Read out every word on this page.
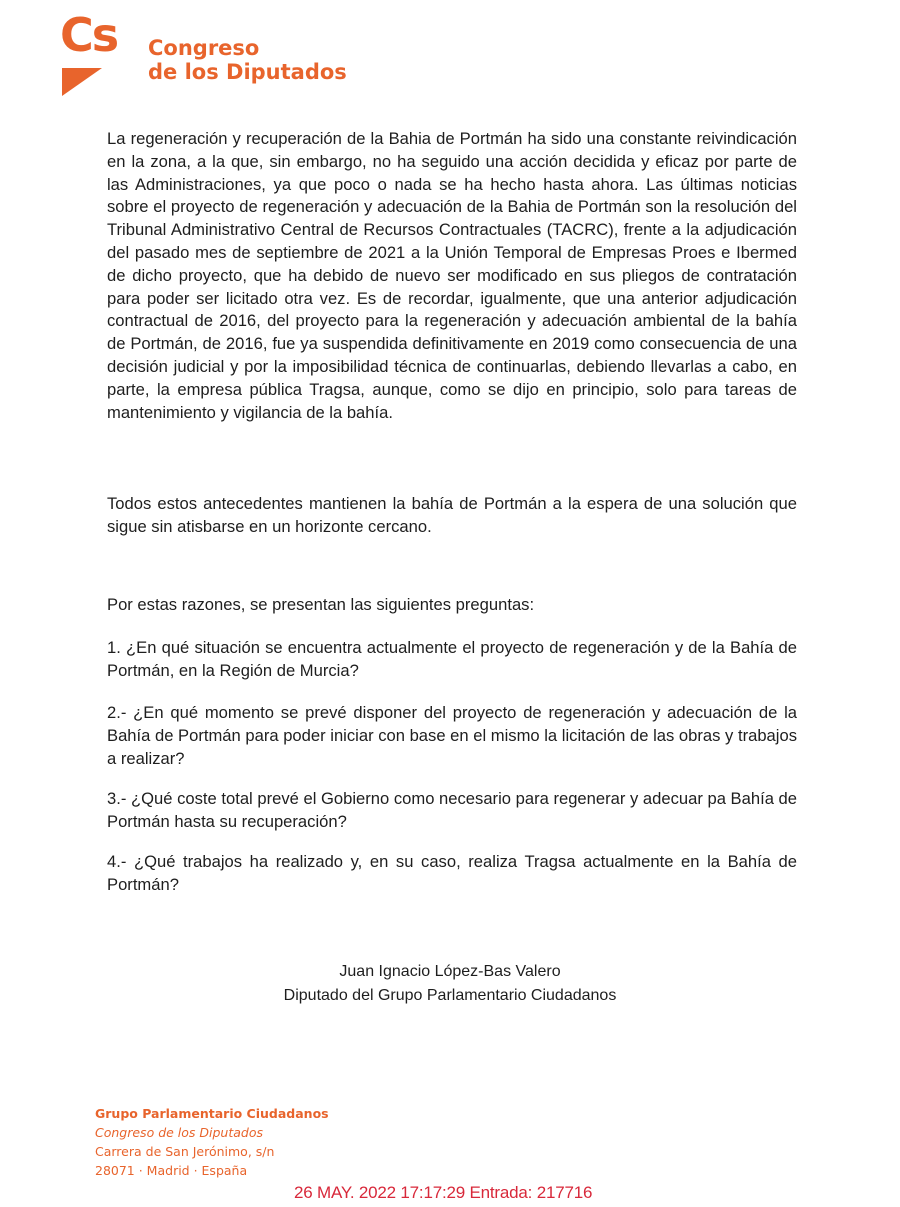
Cs Congreso
de los Diputados

La regeneración y recuperación de la Bahia de Portmán ha sido una constante reivindicación en la zona, a la que, sin embargo, no ha seguido una acción decidida y eficaz por parte de las Administraciones, ya que poco o nada se ha hecho hasta ahora. Las últimas noticias sobre el proyecto de regeneración y adecuación de la Bahia de Portmán son la resolución del Tribunal Administrativo Central de Recursos Contractuales (TACRC), frente a la adjudicación del pasado mes de septiembre de 2021 a la Unión Temporal de Empresas Proes e Ibermed de dicho proyecto, que ha debido de nuevo ser modificado en sus pliegos de contratación para poder ser licitado otra vez. Es de recordar, igualmente, que una anterior adjudicación contractual de 2016, del proyecto para la regeneración y adecuación ambiental de la bahía de Portmán, de 2016, fue ya suspendida definitivamente en 2019 como consecuencia de una decisión judicial y por la imposibilidad técnica de continuarlas, debiendo llevarlas a cabo, en parte, la empresa pública Tragsa, aunque, como se dijo en principio, solo para tareas de mantenimiento y vigilancia de la bahía.

Todos estos antecedentes mantienen la bahía de Portmán a la espera de una solución que sigue sin atisbarse en un horizonte cercano.

Por estas razones, se presentan las siguientes preguntas:

1. ¿En qué situación se encuentra actualmente el proyecto de regeneración y de la Bahía de Portmán, en la Región de Murcia?

2.- ¿En qué momento se prevé disponer del proyecto de regeneración y adecuación de la Bahía de Portmán para poder iniciar con base en el mismo la licitación de las obras y trabajos a realizar?

3.- ¿Qué coste total prevé el Gobierno como necesario para regenerar y adecuar pa Bahía de Portmán hasta su recuperación?

4.- ¿Qué trabajos ha realizado y, en su caso, realiza Tragsa actualmente en la Bahía de Portmán?

Juan Ignacio López-Bas Valero
Diputado del Grupo Parlamentario Ciudadanos
Grupo Parlamentario Ciudadanos
Congreso de los Diputados
Carrera de San Jerónimo, s/n
28071 · Madrid · España
26 MAY. 2022 17:17:29 Entrada: 217716
